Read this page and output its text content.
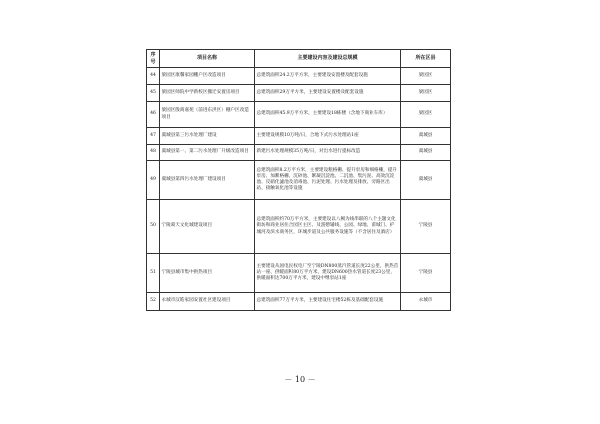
序号	项目名称	主要建设内容及建设总规模	所在区县
44	梁园区康馨家园棚户区改造项目	总建筑面积24.2万平方米，主要建设安置楼及配套设施	梁园区
45	梁园区师院中学新校区搬迁安置房项目	总建筑面积29万平方米，主要建设安置楼及配套设施	梁园区
46	梁园区殷商嘉苑（前进东洪区）棚户区改造项目	总建筑面积45.9万平方米，主要建设18栋楼（含地下商业车库）	梁园区
47	虞城县第三污水处理厂建设	主要建设规模10万吨/日，合地下式污水处理站1座	虞城县
48	虞城县第一、第二污水处理厂升级改造项目	新建污水处理规模35万吨/日，对出水进行提标改造	虞城县
49	虞城县第四污水处理厂建设项目	总建筑面积8.2万平方米，主要建设粗格栅、提升泵房和细格栅，提升泵房、加絮格栅、沉砂池、絮凝沉淀池、二沉池、集污泥、高效沉淀池、反硝化滤池及消毒池、污泥处理、污水处理及排放、旁路区出站、接触氧化池等设施	虞城县
50	宁陵葛天文化城建设项目	总建筑面积约70万平方米，主要建设以八阙为线串联的八个主题文化街坊和商业居住合园区主区、及游憩辅线、公园、绿地、甫城门、护城河及滨水商务区，环城步道及公共服务设施等（不含居住及酒店）	宁陵县
51	宁陵县城市集中供热项目	主要建设从国电民权电厂至宁陵DN800蒸汽管道长度22公里，供热首站一座、供暖面积80万平方米，建设DN600热水管道长度23公里，供暖面积达700万平方米，建设中继泵站1座	宁陵县
52	永城市汉皓家园安置社区建设项目	总建筑面积77万平方米，主要建设住宅楼52栋及基础配套设施	永城市
－ 10 －
